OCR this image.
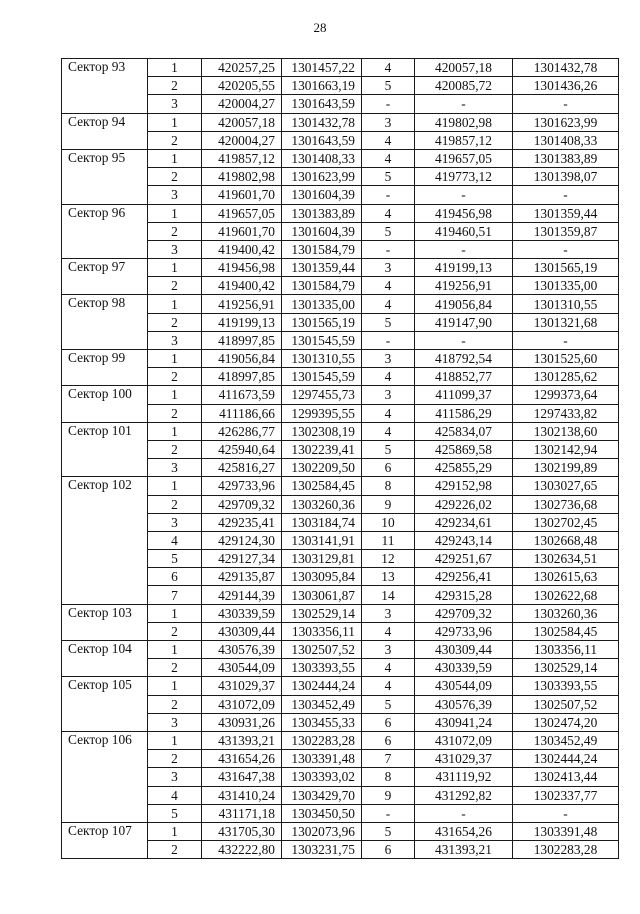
28
Сектор 93	1	420257,25	1301457,22	4	420057,18	1301432,78
	2	420205,55	1301663,19	5	420085,72	1301436,26
	3	420004,27	1301643,59	-	-	-
Сектор 94	1	420057,18	1301432,78	3	419802,98	1301623,99
	2	420004,27	1301643,59	4	419857,12	1301408,33
Сектор 95	1	419857,12	1301408,33	4	419657,05	1301383,89
	2	419802,98	1301623,99	5	419773,12	1301398,07
	3	419601,70	1301604,39	-	-	-
Сектор 96	1	419657,05	1301383,89	4	419456,98	1301359,44
	2	419601,70	1301604,39	5	419460,51	1301359,87
	3	419400,42	1301584,79	-	-	-
Сектор 97	1	419456,98	1301359,44	3	419199,13	1301565,19
	2	419400,42	1301584,79	4	419256,91	1301335,00
Сектор 98	1	419256,91	1301335,00	4	419056,84	1301310,55
	2	419199,13	1301565,19	5	419147,90	1301321,68
	3	418997,85	1301545,59	-	-	-
Сектор 99	1	419056,84	1301310,55	3	418792,54	1301525,60
	2	418997,85	1301545,59	4	418852,77	1301285,62
Сектор 100	1	411673,59	1297455,73	3	411099,37	1299373,64
	2	411186,66	1299395,55	4	411586,29	1297433,82
Сектор 101	1	426286,77	1302308,19	4	425834,07	1302138,60
	2	425940,64	1302239,41	5	425869,58	1302142,94
	3	425816,27	1302209,50	6	425855,29	1302199,89
Сектор 102	1	429733,96	1302584,45	8	429152,98	1303027,65
	2	429709,32	1303260,36	9	429226,02	1302736,68
	3	429235,41	1303184,74	10	429234,61	1302702,45
	4	429124,30	1303141,91	11	429243,14	1302668,48
	5	429127,34	1303129,81	12	429251,67	1302634,51
	6	429135,87	1303095,84	13	429256,41	1302615,63
	7	429144,39	1303061,87	14	429315,28	1302622,68
Сектор 103	1	430339,59	1302529,14	3	429709,32	1303260,36
	2	430309,44	1303356,11	4	429733,96	1302584,45
Сектор 104	1	430576,39	1302507,52	3	430309,44	1303356,11
	2	430544,09	1303393,55	4	430339,59	1302529,14
Сектор 105	1	431029,37	1302444,24	4	430544,09	1303393,55
	2	431072,09	1303452,49	5	430576,39	1302507,52
	3	430931,26	1303455,33	6	430941,24	1302474,20
Сектор 106	1	431393,21	1302283,28	6	431072,09	1303452,49
	2	431654,26	1303391,48	7	431029,37	1302444,24
	3	431647,38	1303393,02	8	431119,92	1302413,44
	4	431410,24	1303429,70	9	431292,82	1302337,77
	5	431171,18	1303450,50	-	-	-
Сектор 107	1	431705,30	1302073,96	5	431654,26	1303391,48
	2	432222,80	1303231,75	6	431393,21	1302283,28
